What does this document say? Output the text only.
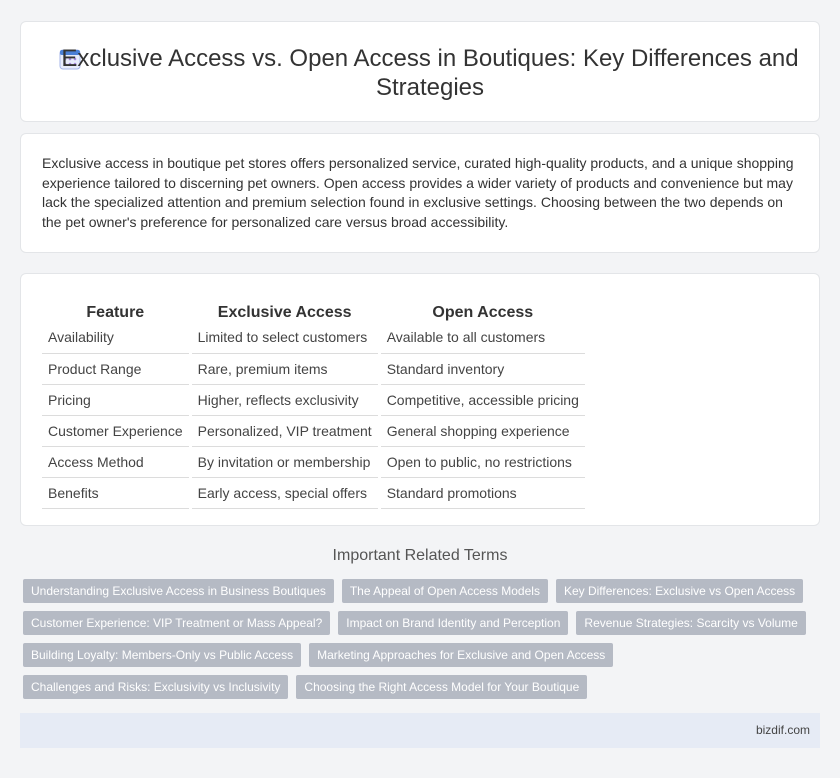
Exclusive Access vs. Open Access in Boutiques: Key Differences and Strategies

Exclusive access in boutique pet stores offers personalized service, curated high-quality products, and a unique shopping experience tailored to discerning pet owners. Open access provides a wider variety of products and convenience but may lack the specialized attention and premium selection found in exclusive settings. Choosing between the two depends on the pet owner's preference for personalized care versus broad accessibility.

Feature		Exclusive Access		Open Access
Availability		Limited to select customers		Available to all customers
Product Range		Rare, premium items		Standard inventory
Pricing		Higher, reflects exclusivity		Competitive, accessible pricing
Customer Experience		Personalized, VIP treatment		General shopping experience
Access Method		By invitation or membership		Open to public, no restrictions
Benefits		Early access, special offers		Standard promotions
Important Related Terms
Understanding Exclusive Access in Business Boutiques	The Appeal of Open Access Models	Key Differences: Exclusive vs Open Access
Customer Experience: VIP Treatment or Mass Appeal?	Impact on Brand Identity and Perception	Revenue Strategies: Scarcity vs Volume
Building Loyalty: Members-Only vs Public Access	Marketing Approaches for Exclusive and Open Access
Challenges and Risks: Exclusivity vs Inclusivity	Choosing the Right Access Model for Your Boutique
bizdif.com
